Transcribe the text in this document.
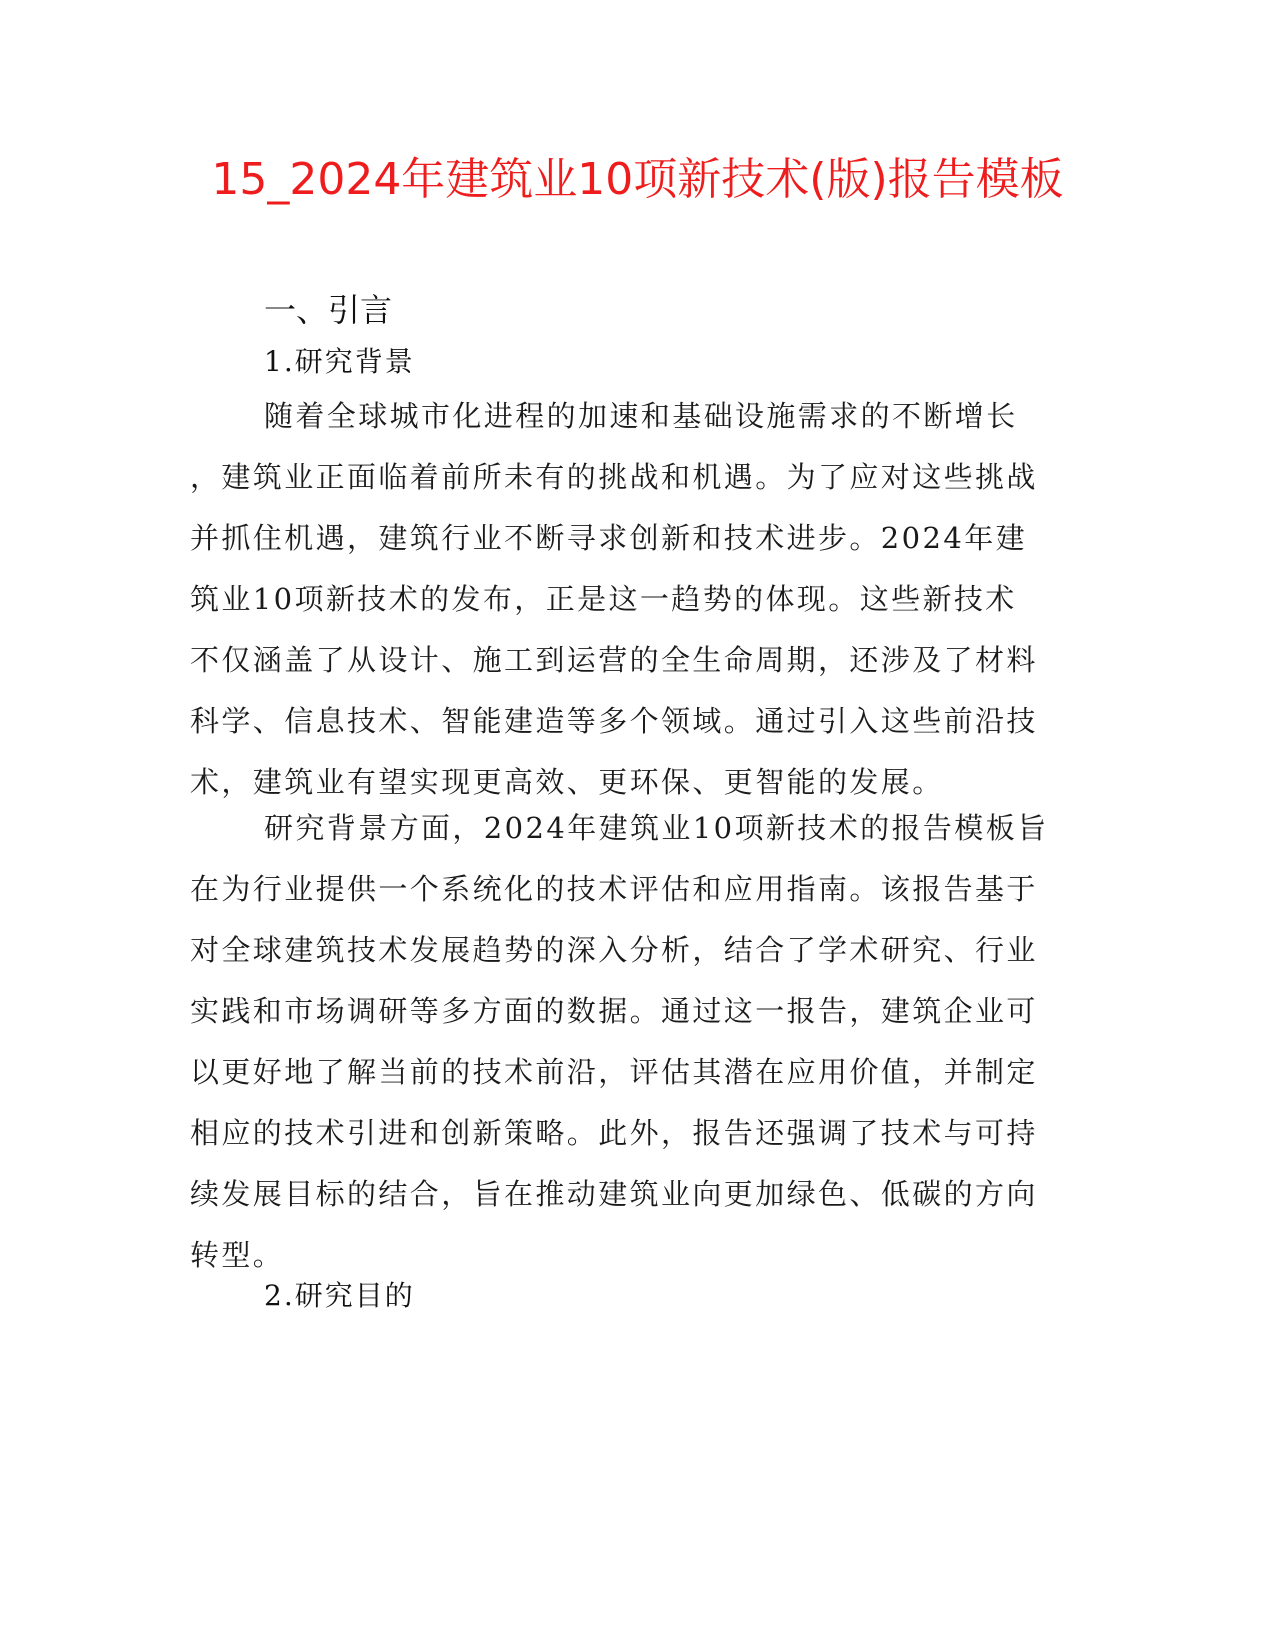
15_2024年建筑业10项新技术(版)报告模板
一、引言
1.研究背景

随着全球城市化进程的加速和基础设施需求的不断增长
，建筑业正面临着前所未有的挑战和机遇。为了应对这些挑战
并抓住机遇，建筑行业不断寻求创新和技术进步。2024年建
筑业10项新技术的发布，正是这一趋势的体现。这些新技术
不仅涵盖了从设计、施工到运营的全生命周期，还涉及了材料
科学、信息技术、智能建造等多个领域。通过引入这些前沿技
术，建筑业有望实现更高效、更环保、更智能的发展。

研究背景方面，2024年建筑业10项新技术的报告模板旨
在为行业提供一个系统化的技术评估和应用指南。该报告基于
对全球建筑技术发展趋势的深入分析，结合了学术研究、行业
实践和市场调研等多方面的数据。通过这一报告，建筑企业可
以更好地了解当前的技术前沿，评估其潜在应用价值，并制定
相应的技术引进和创新策略。此外，报告还强调了技术与可持
续发展目标的结合，旨在推动建筑业向更加绿色、低碳的方向
转型。

2.研究目的
